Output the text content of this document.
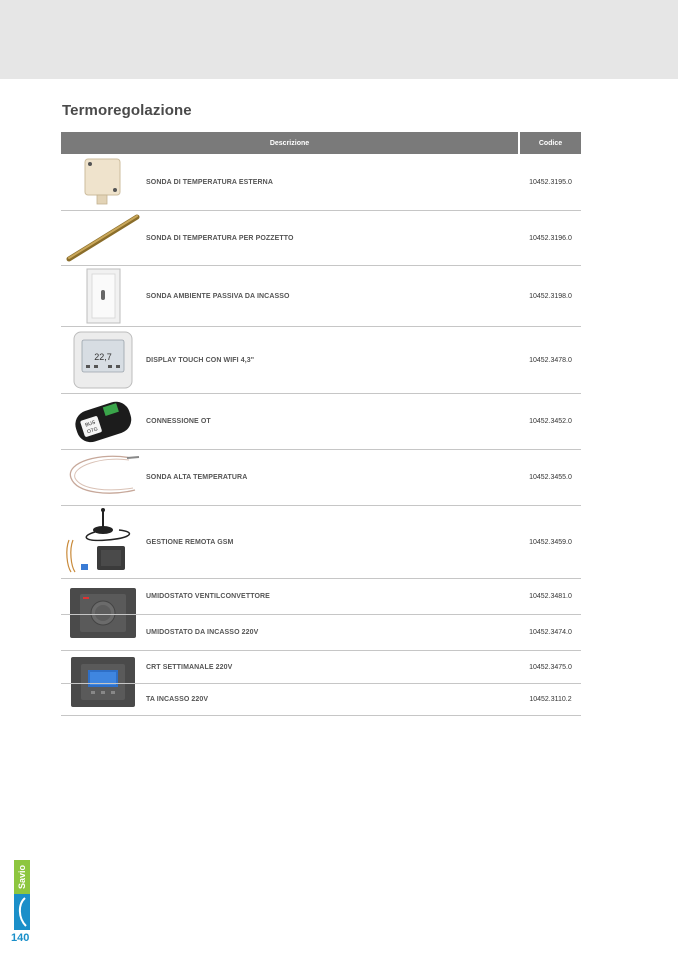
Termoregolazione
Descrizione	Codice
SONDA DI TEMPERATURA ESTERNA	10452.3195.0
SONDA DI TEMPERATURA PER POZZETTO	10452.3196.0
SONDA AMBIENTE PASSIVA DA INCASSO	10452.3198.0
22,7	DISPLAY TOUCH CON WIFI 4,3"	10452.3478.0
BUS
OTG
CONNESSIONE OT	10452.3452.0
SONDA ALTA TEMPERATURA	10452.3455.0
GESTIONE REMOTA GSM	10452.3459.0
UMIDOSTATO VENTILCONVETTORE	10452.3481.0
UMIDOSTATO DA INCASSO 220V	10452.3474.0
CRT SETTIMANALE 220V	10452.3475.0
TA INCASSO 220V	10452.3110.2
Savio
140
